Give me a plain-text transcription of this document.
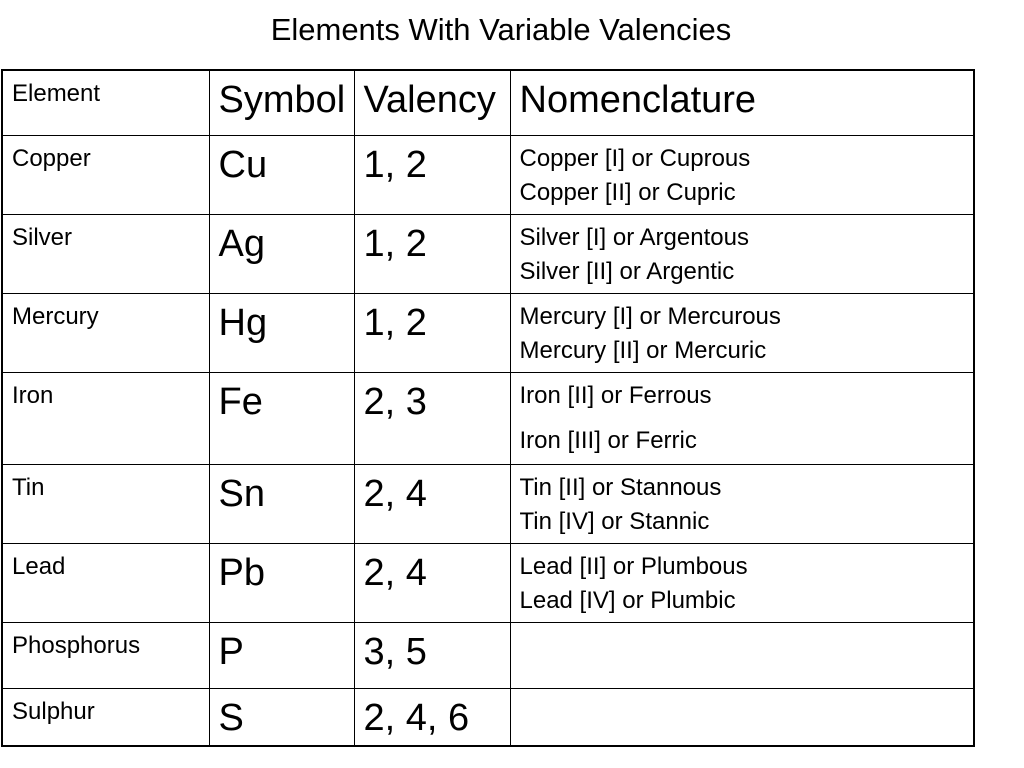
Elements With Variable Valencies
Element	Symbol	Valency	Nomenclature

Copper	Cu	1, 2	Copper [I] or Cuprous
Copper [II] or Cupric

Silver	Ag	1, 2	Silver [I] or Argentous
Silver [II] or Argentic

Mercury	Hg	1, 2	Mercury [I] or Mercurous
Mercury [II] or Mercuric

Iron	Fe	2, 3	Iron [II] or Ferrous
Iron [III] or Ferric

Tin	Sn	2, 4	Tin [II] or Stannous
Tin [IV] or Stannic

Lead	Pb	2, 4	Lead [II] or Plumbous
Lead [IV] or Plumbic

Phosphorus	P	3, 5	

Sulphur	S	2, 4, 6	
